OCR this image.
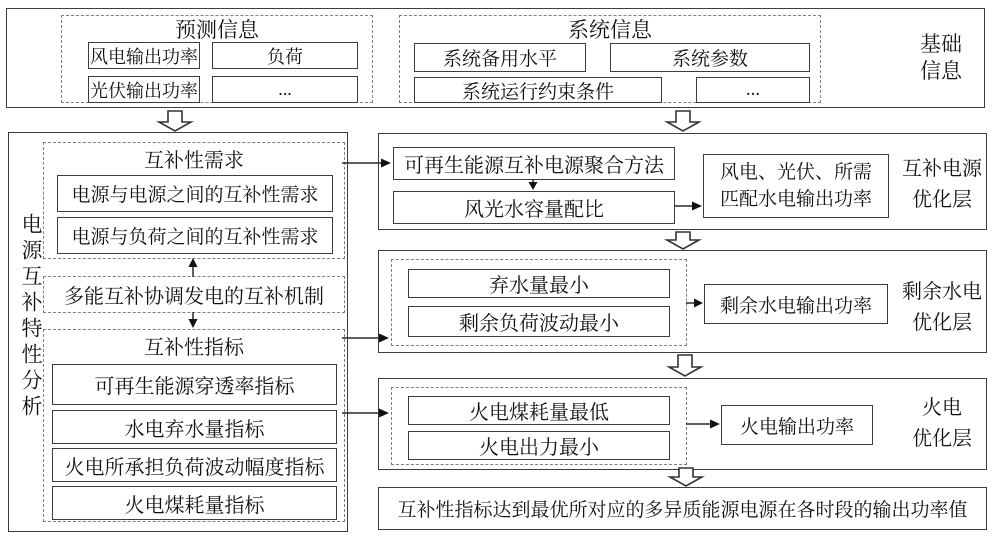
预测信息
风电输出功率	负荷
光伏输出功率	...
系统信息
系统备用水平	系统参数
系统运行约束条件	...
基础
信息
电源互补特性分析
互补性需求
电源与电源之间的互补性需求
电源与负荷之间的互补性需求
多能互补协调发电的互补机制
互补性指标
可再生能源穿透率指标
水电弃水量指标
火电所承担负荷波动幅度指标
火电煤耗量指标
可再生能源互补电源聚合方法
风光水容量配比
风电、光伏、所需
匹配水电输出功率
互补电源
优化层
弃水量最小
剩余负荷波动最小
剩余水电输出功率
剩余水电
优化层
火电煤耗量最低
火电出力最小
火电输出功率
火电
优化层
互补性指标达到最优所对应的多异质能源电源在各时段的输出功率值
